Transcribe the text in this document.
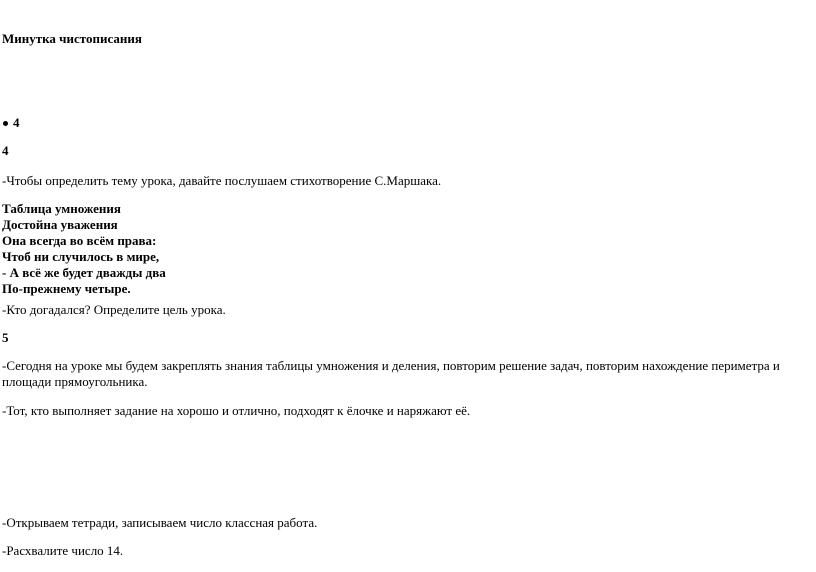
Минутка чистописания

4

4

-Чтобы определить тему урока, давайте послушаем стихотворение С.Маршака.

Таблица умножения
Достойна уважения
Она всегда во всём права:
Чтоб ни случилось в мире,
- А всё же будет дважды два
По-прежнему четыре.

-Кто догадался? Определите цель урока.

5

-Сегодня на уроке мы будем закреплять знания таблицы умножения и деления, повторим решение задач, повторим нахождение периметра и площади прямоугольника.

-Тот, кто выполняет задание на хорошо и отлично, подходят к ёлочке и наряжают её.

-Открываем тетради, записываем число классная работа.

-Расхвалите число 14.
